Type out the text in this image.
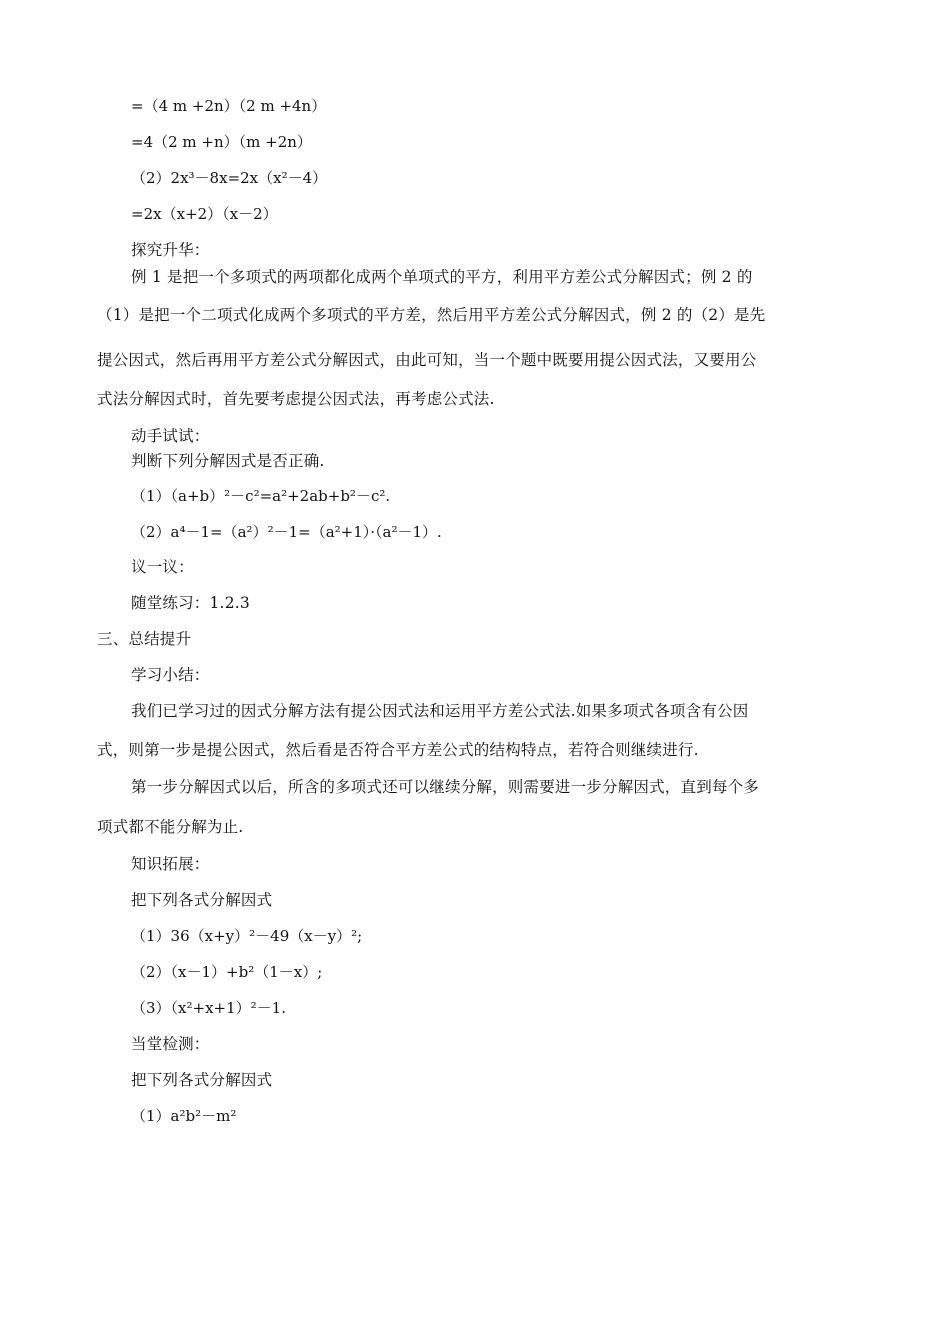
=（4 m +2n）（2 m +4n）
=4（2 m +n）（m +2n）
（2）2x³－8x=2x（x²－4）
=2x（x+2）（x－2）
探究升华：
例 1 是把一个多项式的两项都化成两个单项式的平方，利用平方差公式分解因式；例 2 的
（1）是把一个二项式化成两个多项式的平方差，然后用平方差公式分解因式，例 2 的（2）是先
提公因式，然后再用平方差公式分解因式，由此可知，当一个题中既要用提公因式法，又要用公
式法分解因式时，首先要考虑提公因式法，再考虑公式法.
动手试试：
判断下列分解因式是否正确.
（1）（a+b）²－c²=a²+2ab+b²－c².
（2）a⁴－1=（a²）²－1=（a²+1）·（a²－1）.
议一议：
随堂练习：1.2.3
三、总结提升
学习小结：
我们已学习过的因式分解方法有提公因式法和运用平方差公式法.如果多项式各项含有公因
式，则第一步是提公因式，然后看是否符合平方差公式的结构特点，若符合则继续进行.
第一步分解因式以后，所含的多项式还可以继续分解，则需要进一步分解因式，直到每个多
项式都不能分解为止.
知识拓展：
把下列各式分解因式
（1）36（x+y）²－49（x－y）²;
（2）（x－1）+b²（1－x）;
（3）（x²+x+1）²－1.
当堂检测：
把下列各式分解因式
（1）a²b²－m²
